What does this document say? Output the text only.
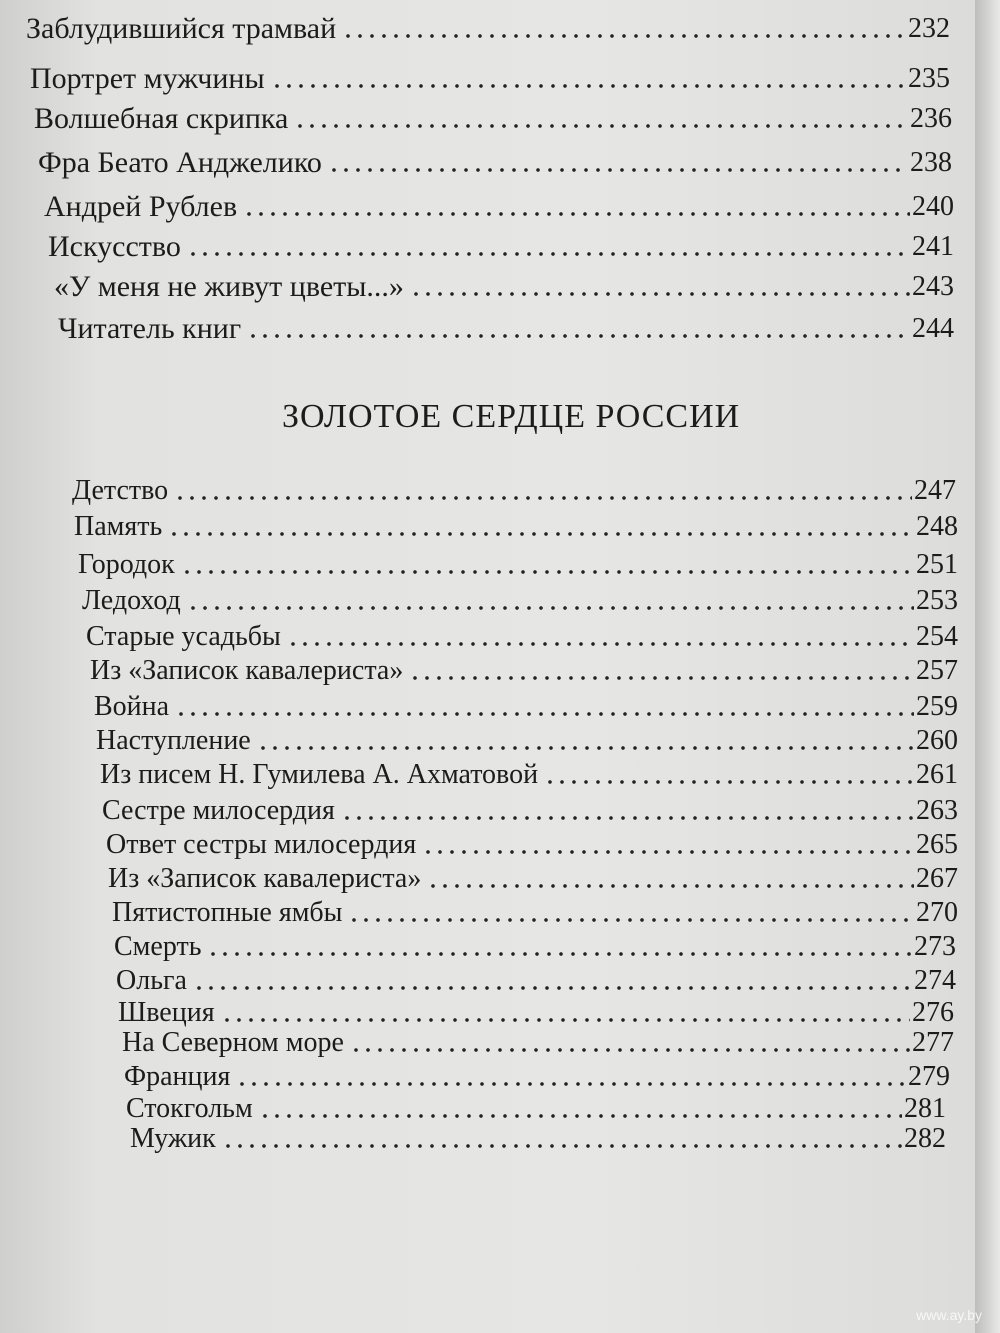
Заблудившийся трамвай	232
Портрет мужчины	235
Волшебная скрипка	236
Фра Беато Анджелико	238
Андрей Рублев	240
Искусство	241
«У меня не живут цветы...»	243
Читатель книг	244
ЗОЛОТОЕ СЕРДЦЕ РОССИИ
Детство	247
Память	248
Городок	251
Ледоход	253
Старые усадьбы	254
Из «Записок кавалериста»	257
Война	259
Наступление	260
Из писем Н. Гумилева А. Ахматовой	261
Сестре милосердия	263
Ответ сестры милосердия	265
Из «Записок кавалериста»	267
Пятистопные ямбы	270
Смерть	273
Ольга	274
Швеция	276
На Северном море	277
Франция	279
Стокгольм	281
Мужик	282
www.ay.by
